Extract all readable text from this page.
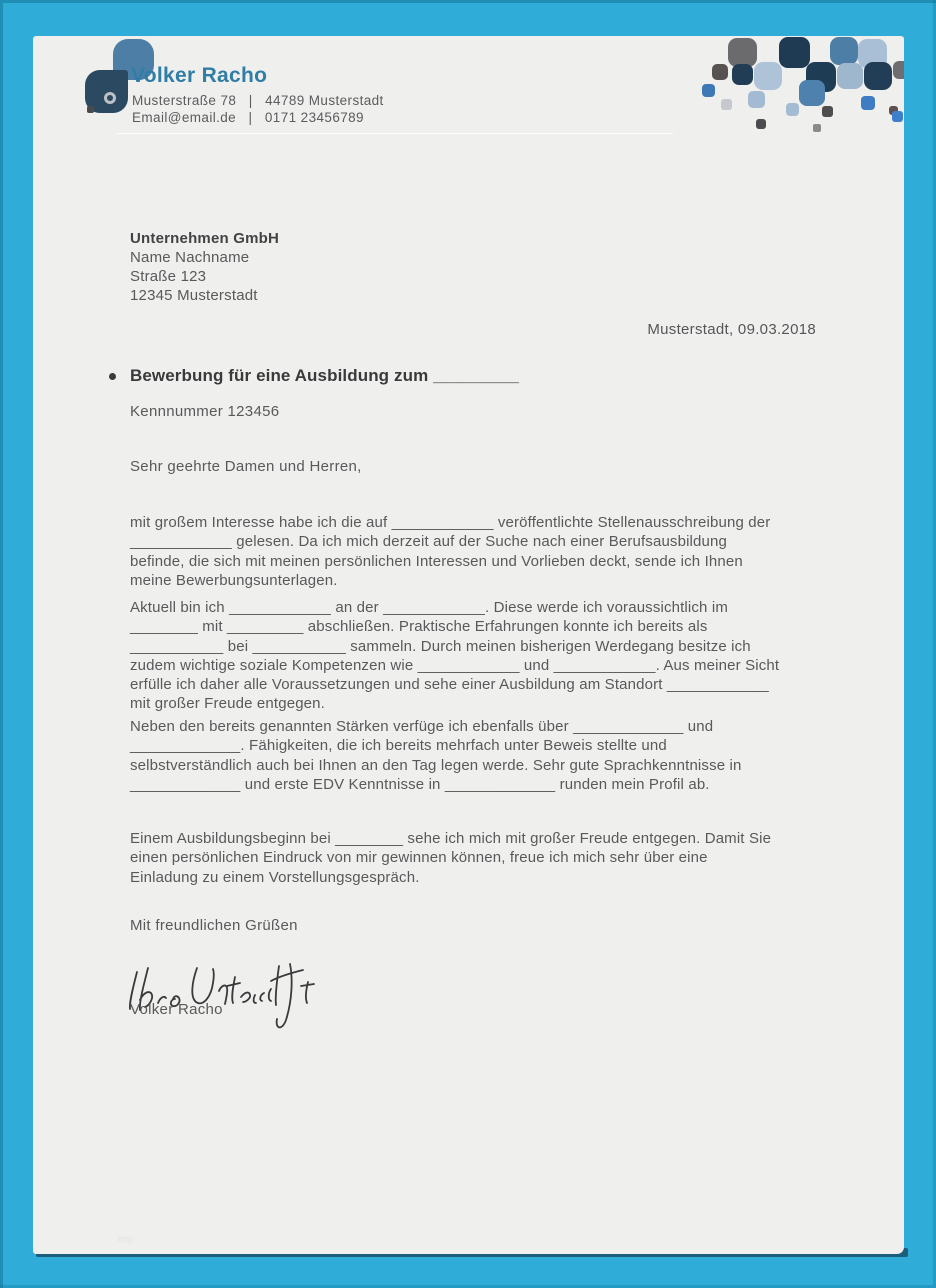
Volker Racho
Musterstraße 78   |   44789 Musterstadt
Email@email.de   |   0171 23456789
Unternehmen GmbH
Name Nachname
Straße 123
12345 Musterstadt
Musterstadt, 09.03.2018
Bewerbung für eine Ausbildung zum _________
Kennnummer 123456
Sehr geehrte Damen und Herren,
mit großem Interesse habe ich die auf ____________ veröffentlichte Stellenausschreibung der
____________ gelesen. Da ich mich derzeit auf der Suche nach einer Berufsausbildung
befinde, die sich mit meinen persönlichen Interessen und Vorlieben deckt, sende ich Ihnen
meine Bewerbungsunterlagen.
Aktuell bin ich ____________ an der ____________. Diese werde ich voraussichtlich im
________ mit _________ abschließen. Praktische Erfahrungen konnte ich bereits als
___________ bei ___________ sammeln. Durch meinen bisherigen Werdegang besitze ich
zudem wichtige soziale Kompetenzen wie ____________ und ____________. Aus meiner Sicht
erfülle ich daher alle Voraussetzungen und sehe einer Ausbildung am Standort ____________
mit großer Freude entgegen.
Neben den bereits genannten Stärken verfüge ich ebenfalls über _____________ und
_____________. Fähigkeiten, die ich bereits mehrfach unter Beweis stellte und
selbstverständlich auch bei Ihnen an den Tag legen werde. Sehr gute Sprachkenntnisse in
_____________ und erste EDV Kenntnisse in _____________ runden mein Profil ab.
Einem Ausbildungsbeginn bei ________ sehe ich mich mit großer Freude entgegen. Damit Sie
einen persönlichen Eindruck von mir gewinnen können, freue ich mich sehr über eine
Einladung zu einem Vorstellungsgespräch.
Mit freundlichen Grüßen
Volker Racho
http
